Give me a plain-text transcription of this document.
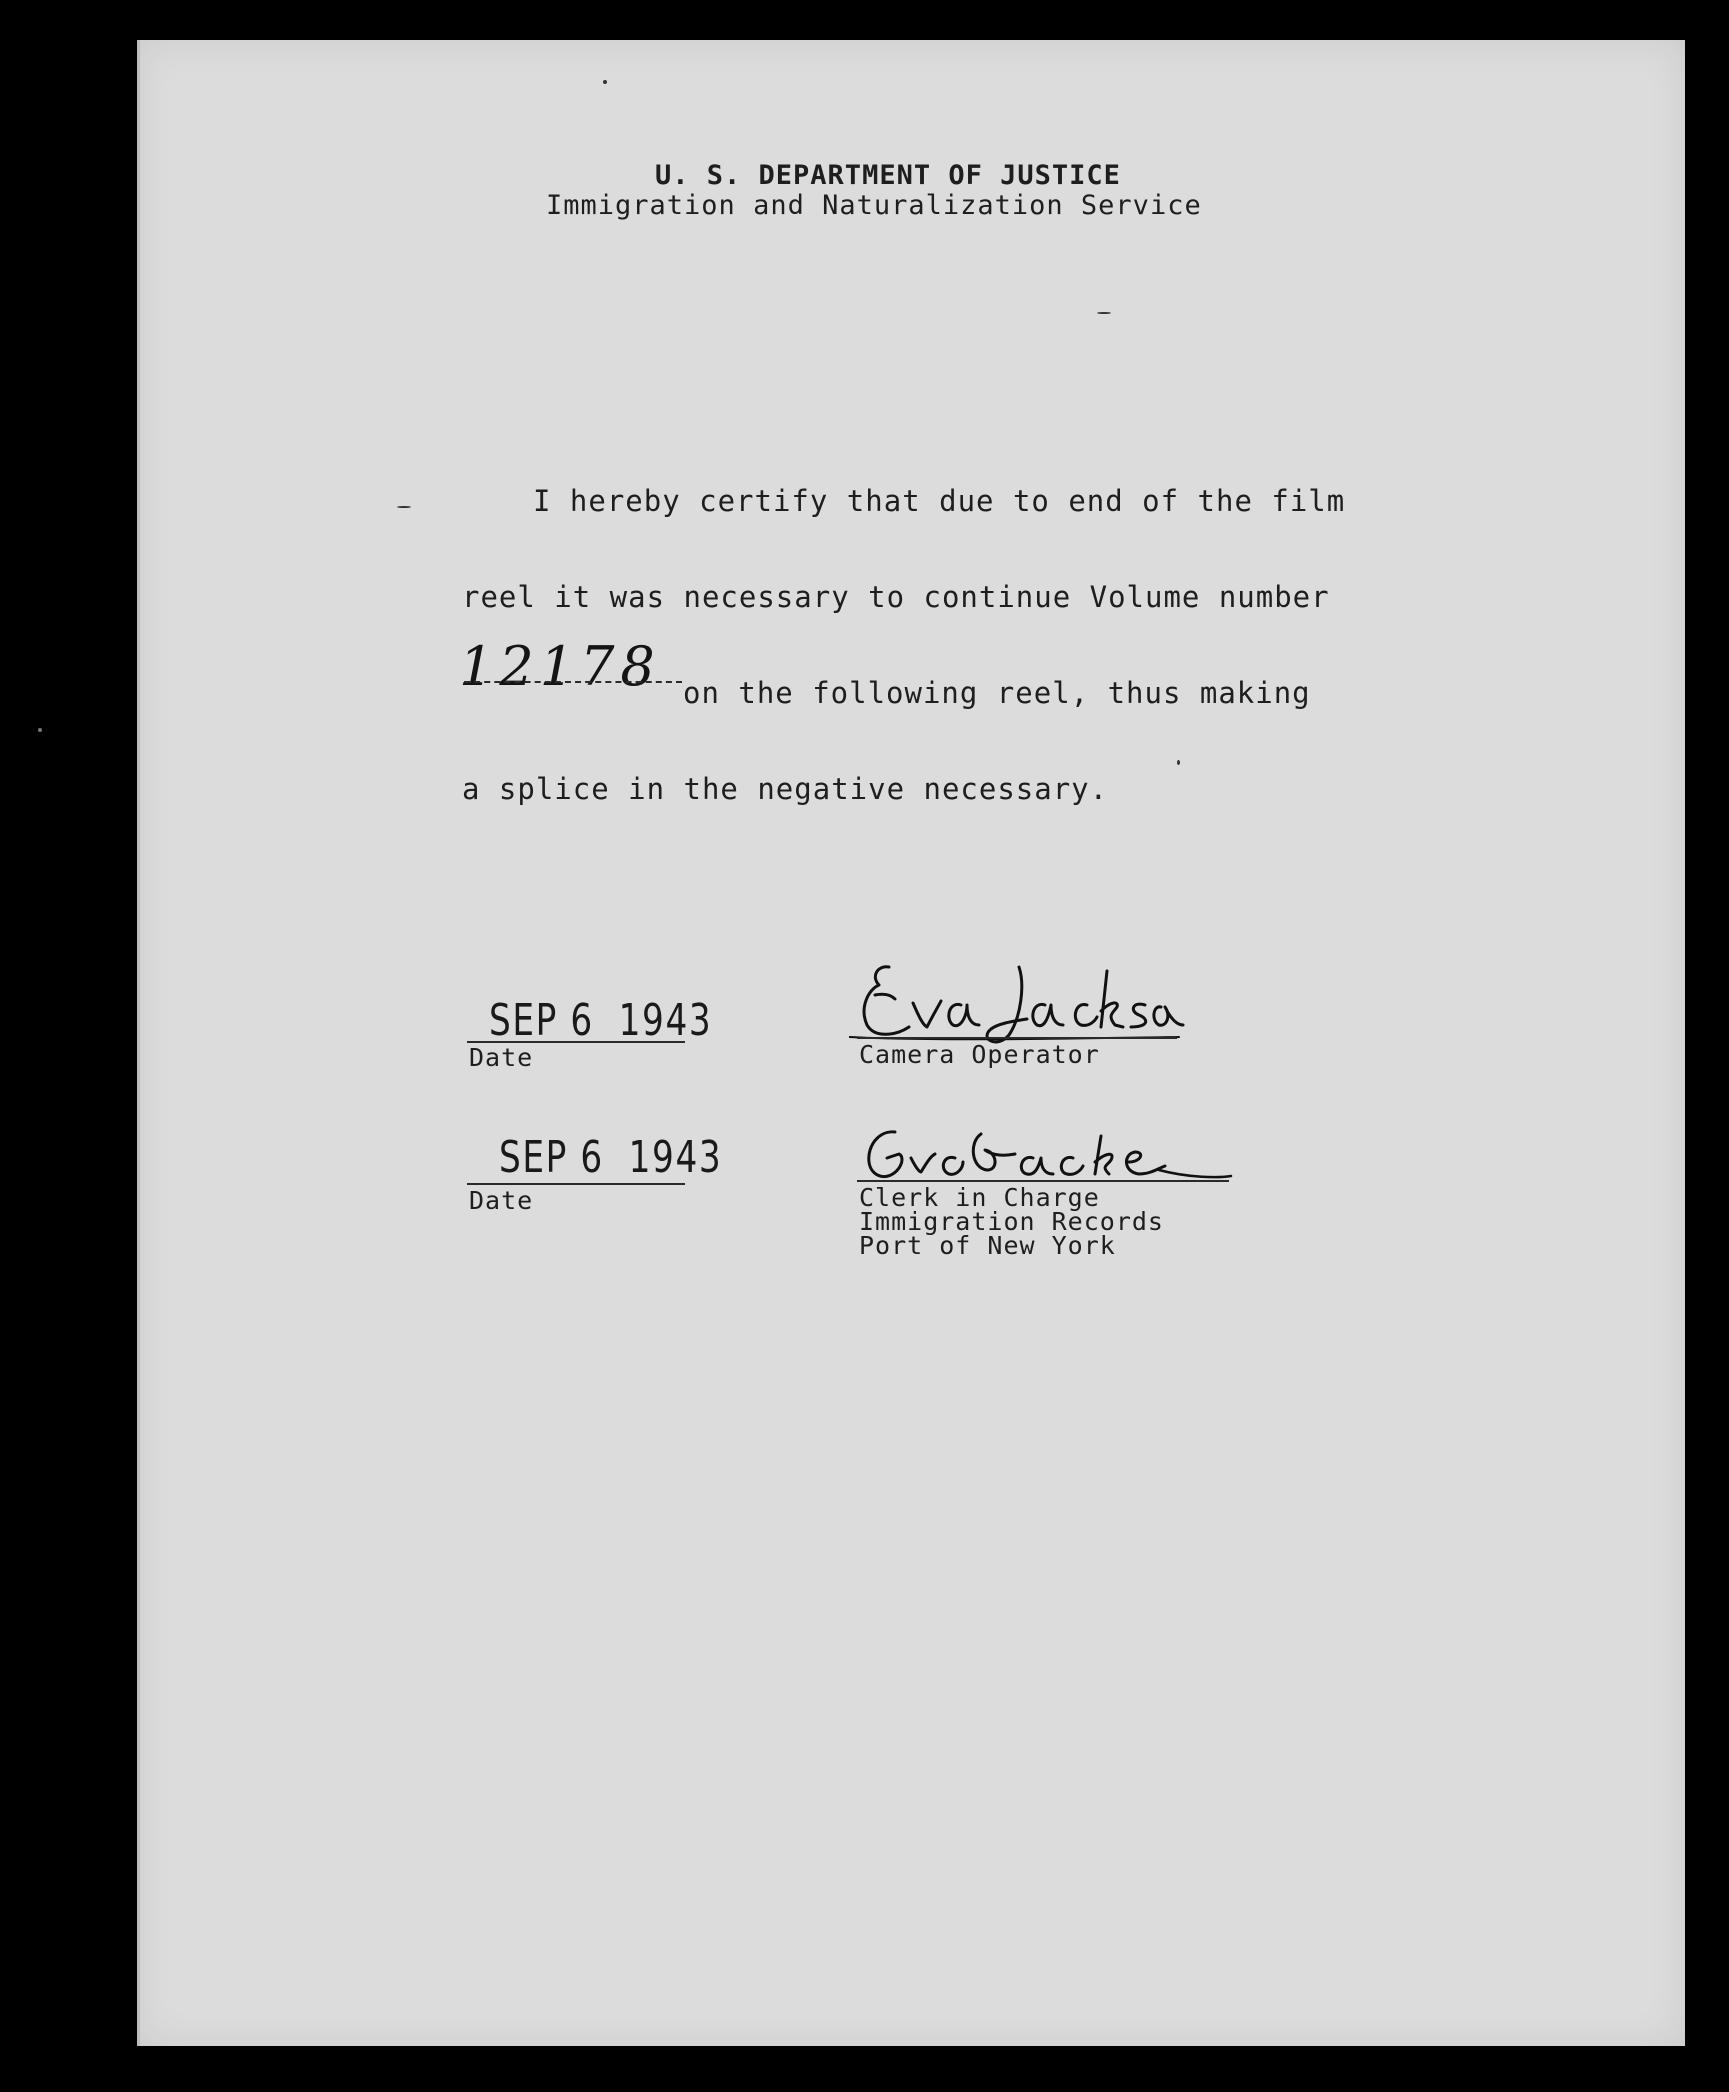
U. S. DEPARTMENT OF JUSTICE
Immigration and Naturalization Service
I hereby certify that due to end of the film
reel it was necessary to continue Volume number
12178 on the following reel, thus making
a splice in the negative necessary.
SEP 6  1943
Date	Camera Operator
SEP 6  1943
Date	Clerk in Charge
Immigration Records
Port of New York
